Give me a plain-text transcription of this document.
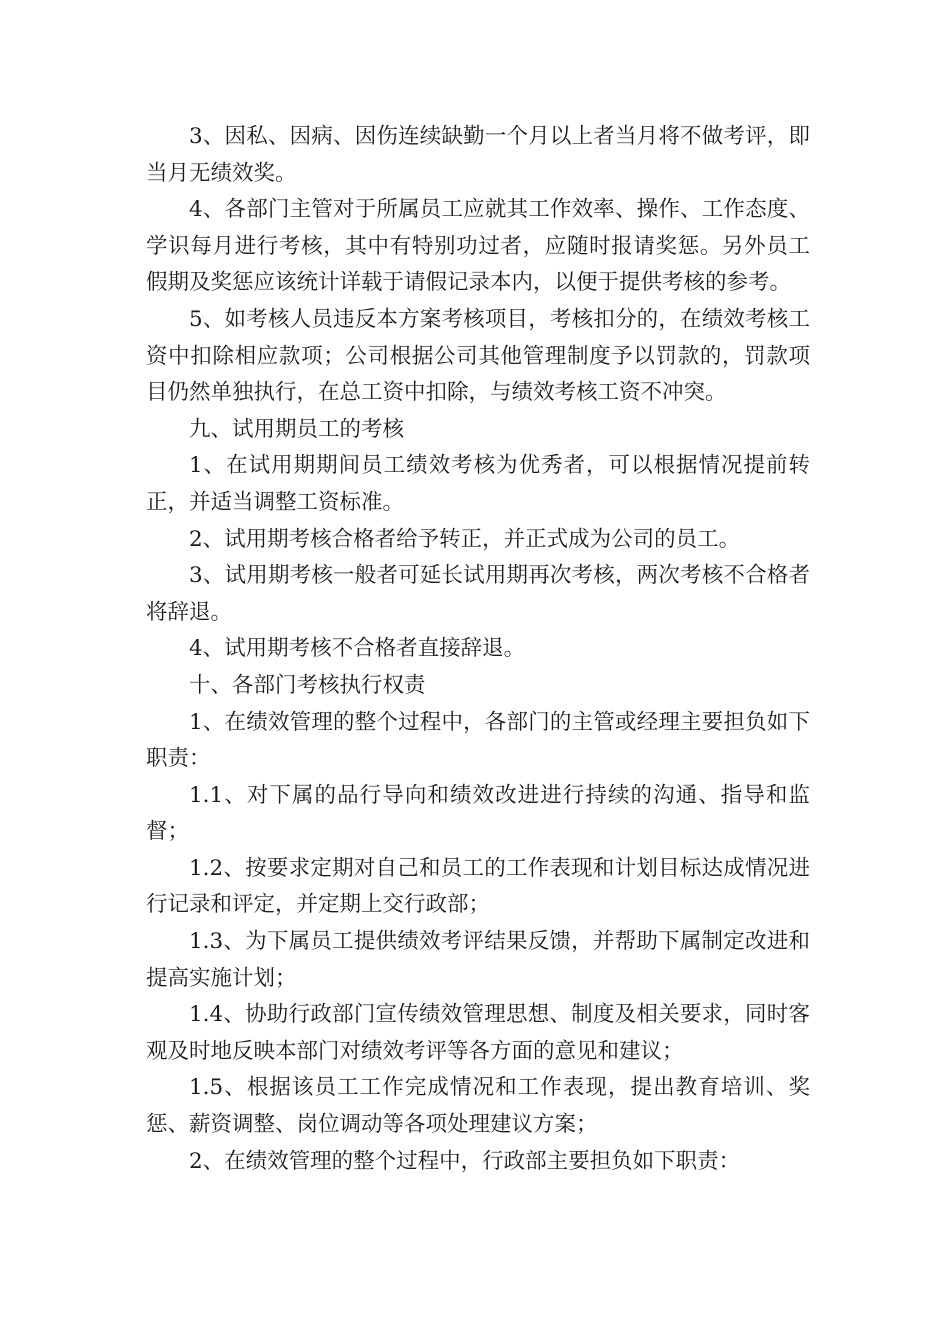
3、因私、因病、因伤连续缺勤一个月以上者当月将不做考评，即当月无绩效奖。

4、各部门主管对于所属员工应就其工作效率、操作、工作态度、学识每月进行考核，其中有特别功过者，应随时报请奖惩。另外员工假期及奖惩应该统计详载于请假记录本内，以便于提供考核的参考。

5、如考核人员违反本方案考核项目，考核扣分的，在绩效考核工资中扣除相应款项；公司根据公司其他管理制度予以罚款的，罚款项目仍然单独执行，在总工资中扣除，与绩效考核工资不冲突。

九、试用期员工的考核

1、在试用期期间员工绩效考核为优秀者，可以根据情况提前转正，并适当调整工资标准。

2、试用期考核合格者给予转正，并正式成为公司的员工。

3、试用期考核一般者可延长试用期再次考核，两次考核不合格者将辞退。

4、试用期考核不合格者直接辞退。

十、各部门考核执行权责

1、在绩效管理的整个过程中，各部门的主管或经理主要担负如下职责：

1.1、对下属的品行导向和绩效改进进行持续的沟通、指导和监督；

1.2、按要求定期对自己和员工的工作表现和计划目标达成情况进行记录和评定，并定期上交行政部；

1.3、为下属员工提供绩效考评结果反馈，并帮助下属制定改进和提高实施计划；

1.4、协助行政部门宣传绩效管理思想、制度及相关要求，同时客观及时地反映本部门对绩效考评等各方面的意见和建议；

1.5、根据该员工工作完成情况和工作表现，提出教育培训、奖惩、薪资调整、岗位调动等各项处理建议方案；

2、在绩效管理的整个过程中，行政部主要担负如下职责：
